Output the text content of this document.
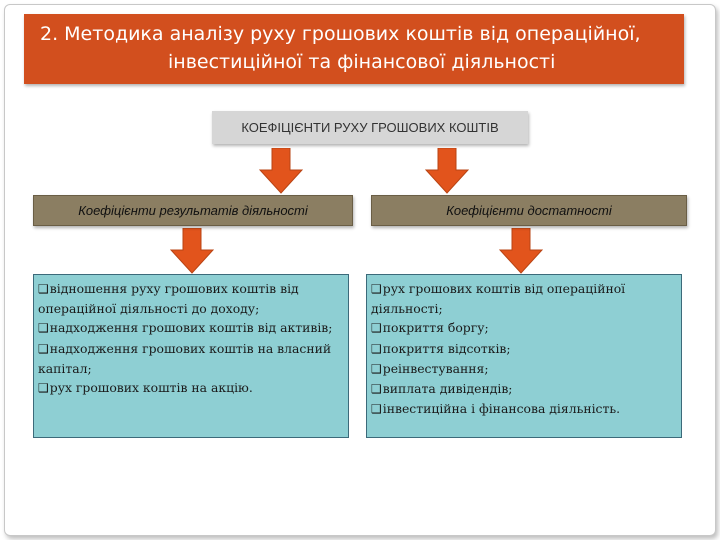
2. Методика аналізу руху грошових коштів від операційної,
інвестиційної та фінансової діяльності
КОЕФІЦІЄНТИ РУХУ ГРОШОВИХ КОШТІВ
Коефіцієнти результатів діяльності	Коефіцієнти достатності
❑відношення руху грошових коштів від операційної діяльності до доходу;
❑надходження грошових коштів від активів;
❑надходження грошових коштів на власний капітал;
❑рух грошових коштів на акцію.
❑рух грошових коштів від операційної діяльності;
❑покриття боргу;
❑покриття відсотків;
❑реінвестування;
❑виплата дивідендів;
❑інвестиційна і фінансова діяльність.
